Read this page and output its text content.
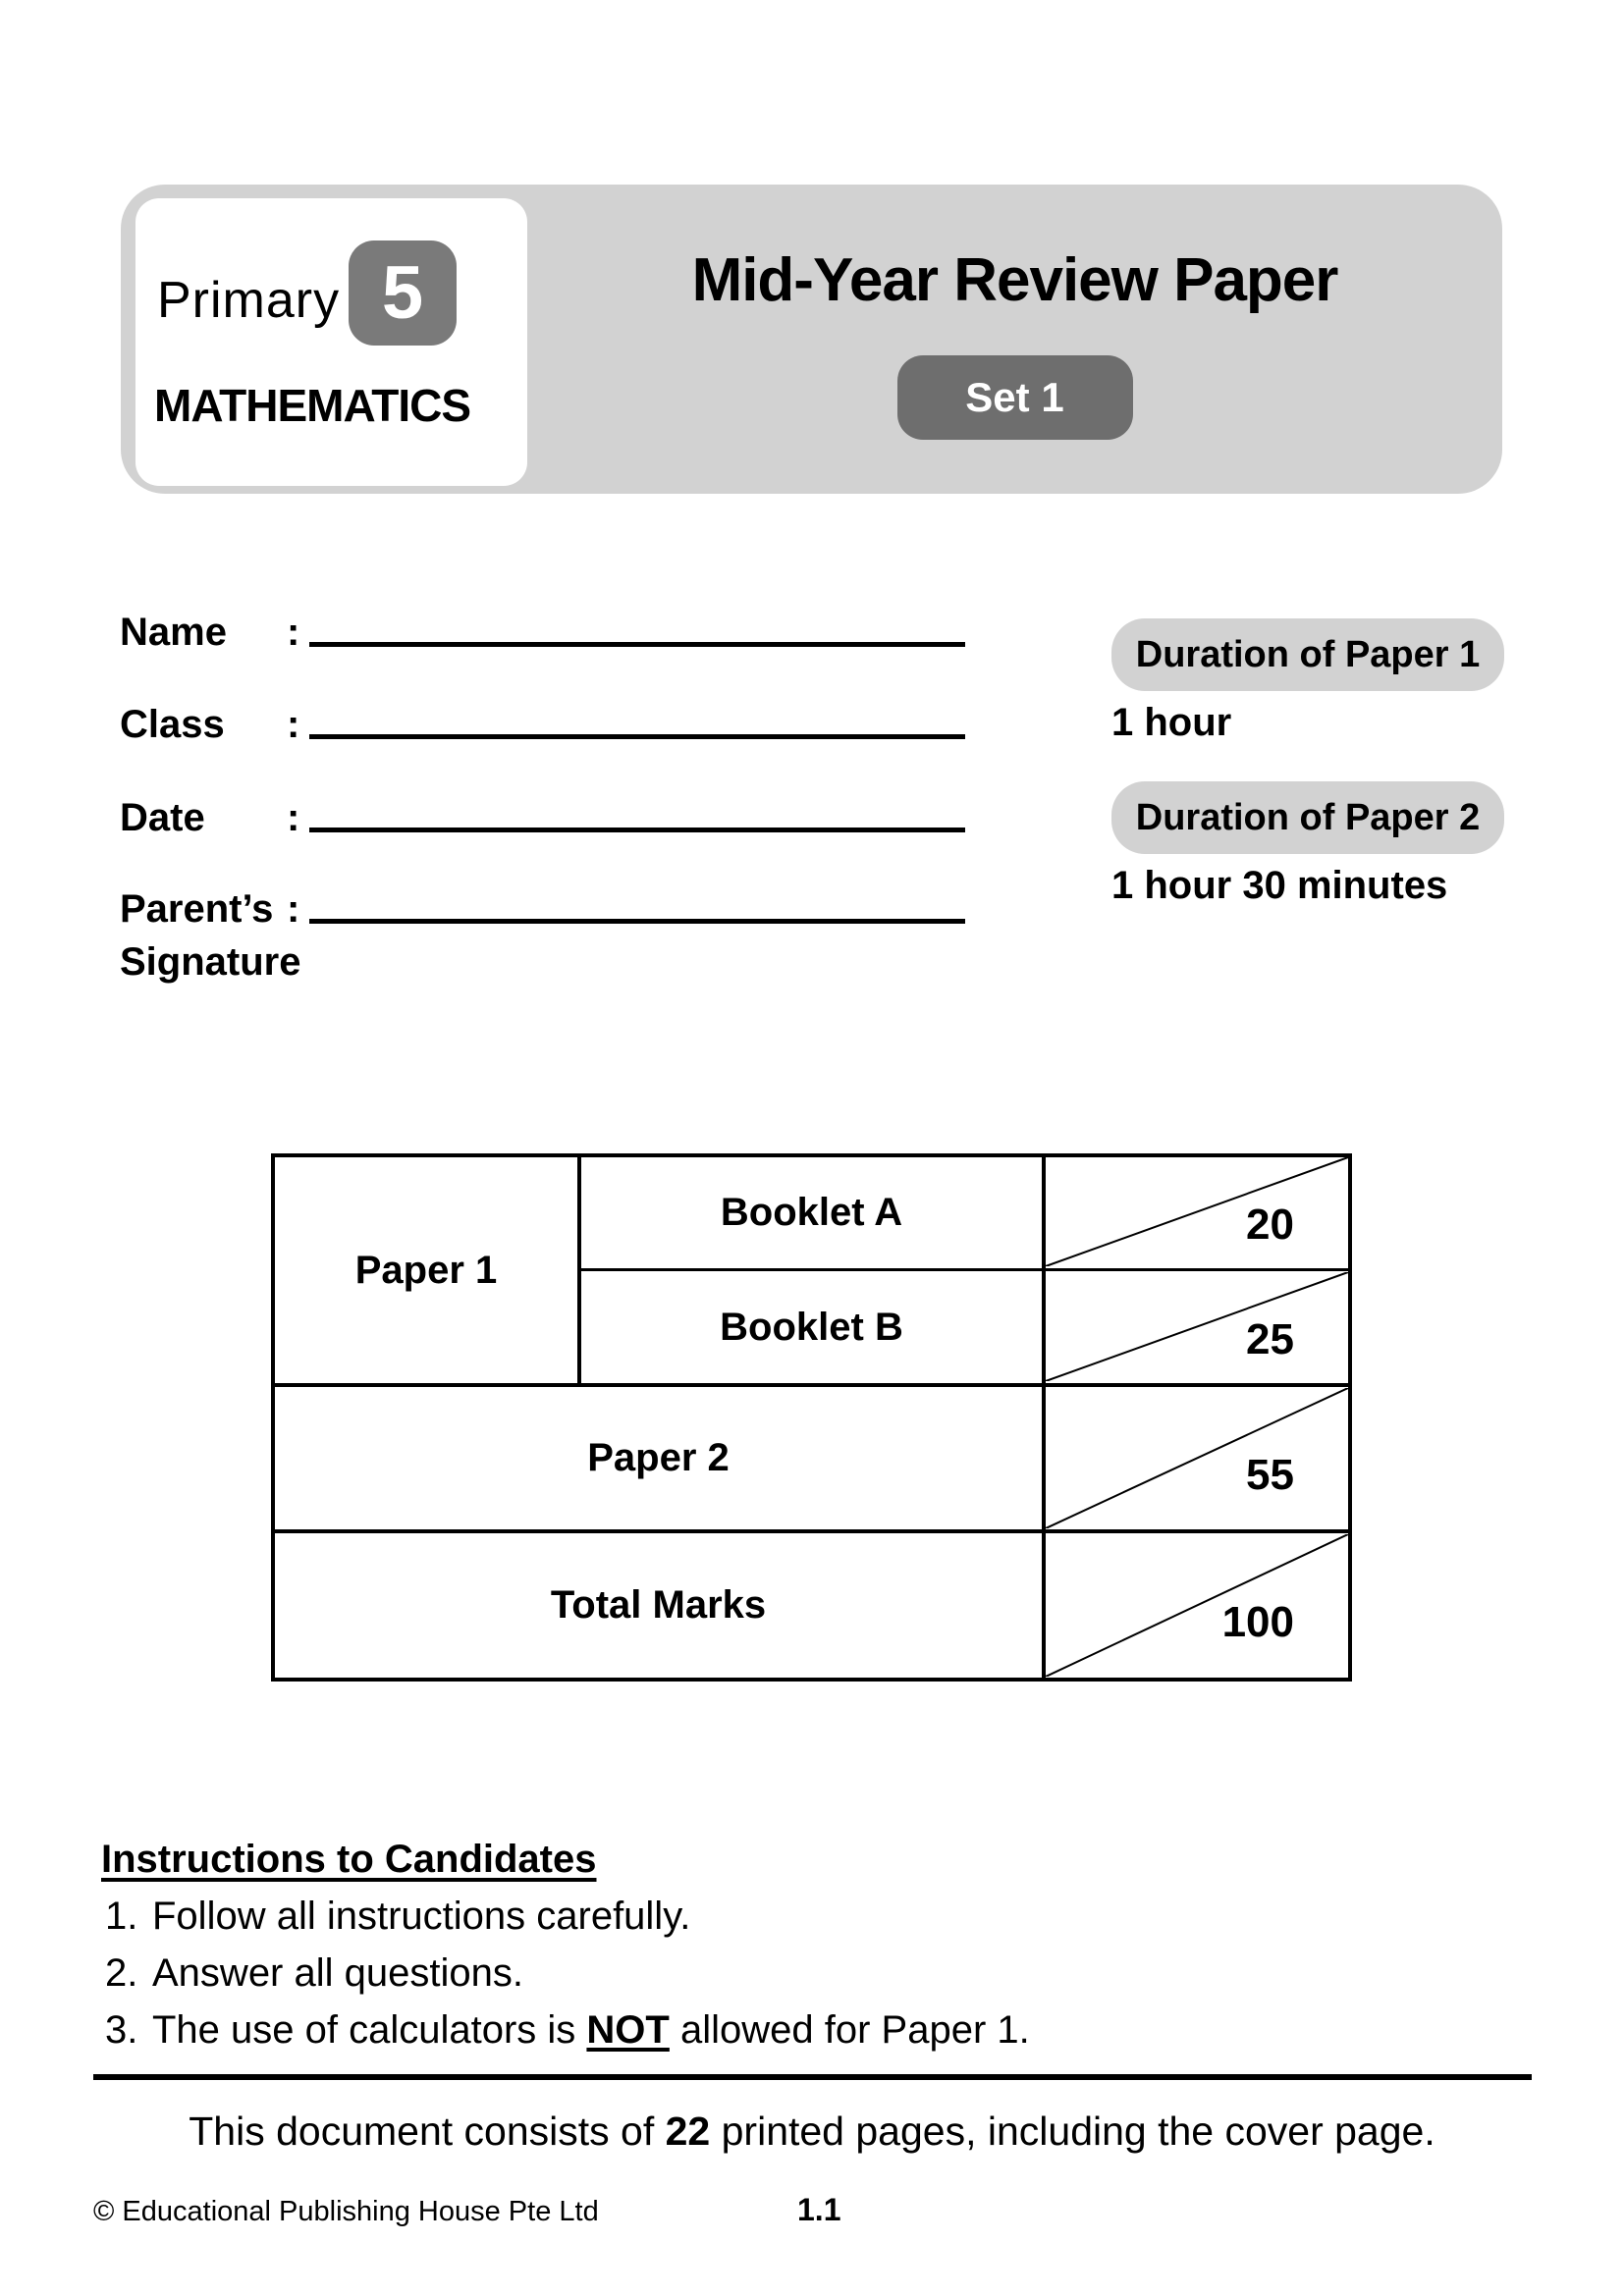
Primary 5
MATHEMATICS
Mid-Year Review Paper
Set 1
Name :
Class :
Date :
Parent’s :
Signature
Duration of Paper 1
1 hour
Duration of Paper 2
1 hour 30 minutes
Paper 1
Booklet A
Booklet B
Paper 2
Total Marks
20
25
55
100
Instructions to Candidates
1. Follow all instructions carefully.
2. Answer all questions.
3. The use of calculators is NOT allowed for Paper 1.
This document consists of 22 printed pages, including the cover page.
© Educational Publishing House Pte Ltd	1.1
